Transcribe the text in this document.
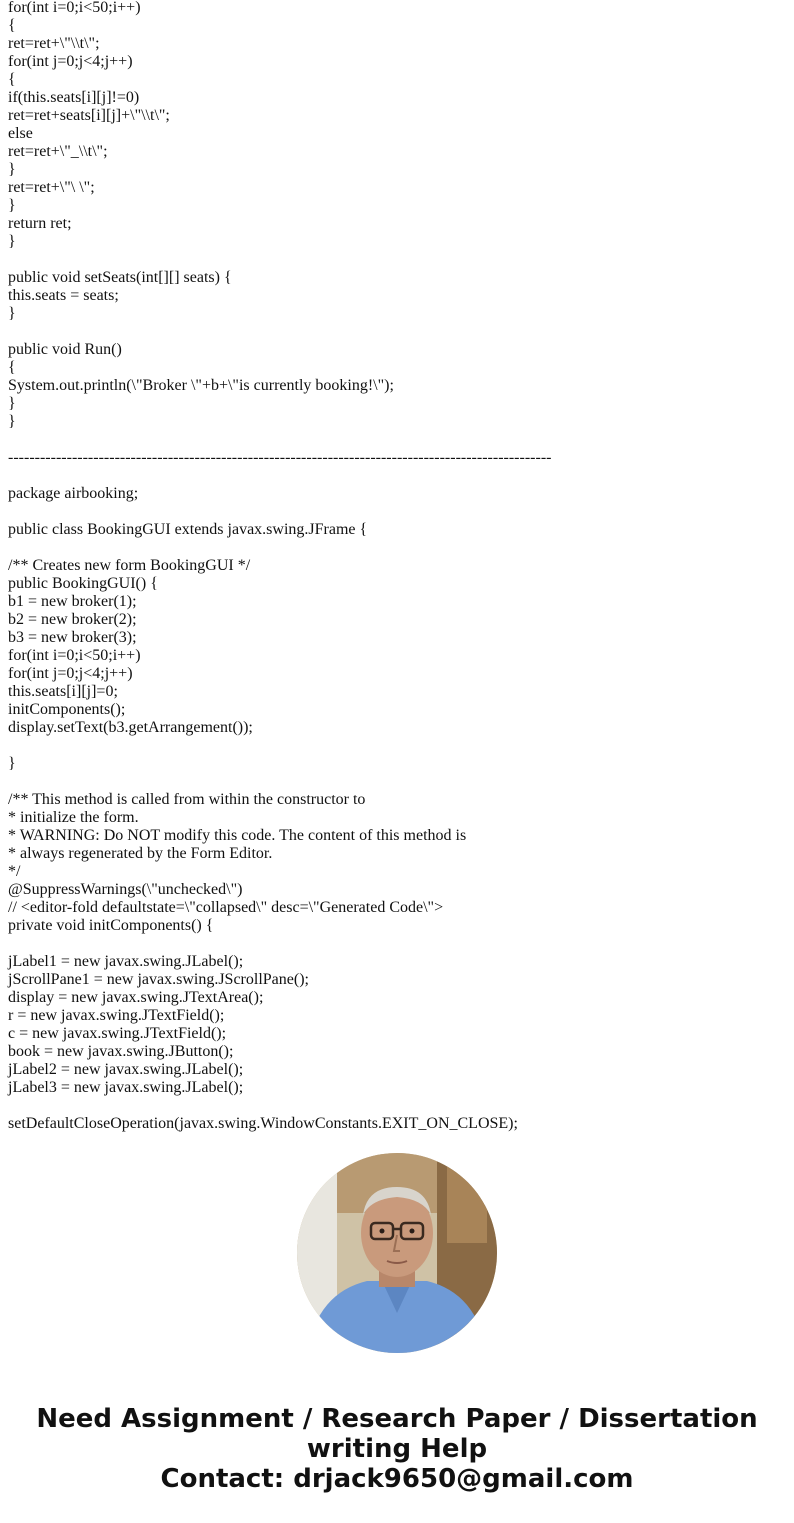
for(int i=0;i<50;i++)
{
ret=ret+\"\\t\";
for(int j=0;j<4;j++)
{
if(this.seats[i][j]!=0)
ret=ret+seats[i][j]+\"\\t\";
else
ret=ret+\"_\\t\";
}
ret=ret+\"\ \";
}
return ret;
}
public void setSeats(int[][] seats) {
this.seats = seats;
}
public void Run()
{
System.out.println(\"Broker \"+b+\"is currently booking!\");
}
}
------------------------------------------------------------------------------------------------------
package airbooking;
public class BookingGUI extends javax.swing.JFrame {
/** Creates new form BookingGUI */
public BookingGUI() {
b1 = new broker(1);
b2 = new broker(2);
b3 = new broker(3);
for(int i=0;i<50;i++)
for(int j=0;j<4;j++)
this.seats[i][j]=0;
initComponents();
display.setText(b3.getArrangement());
}
/** This method is called from within the constructor to
* initialize the form.
* WARNING: Do NOT modify this code. The content of this method is
* always regenerated by the Form Editor.
*/
@SuppressWarnings(\"unchecked\")
// <editor-fold defaultstate=\"collapsed\" desc=\"Generated Code\">
private void initComponents() {
jLabel1 = new javax.swing.JLabel();
jScrollPane1 = new javax.swing.JScrollPane();
display = new javax.swing.JTextArea();
r = new javax.swing.JTextField();
c = new javax.swing.JTextField();
book = new javax.swing.JButton();
jLabel2 = new javax.swing.JLabel();
jLabel3 = new javax.swing.JLabel();
setDefaultCloseOperation(javax.swing.WindowConstants.EXIT_ON_CLOSE);
Need Assignment / Research Paper / Dissertation
writing Help
Contact: drjack9650@gmail.com
